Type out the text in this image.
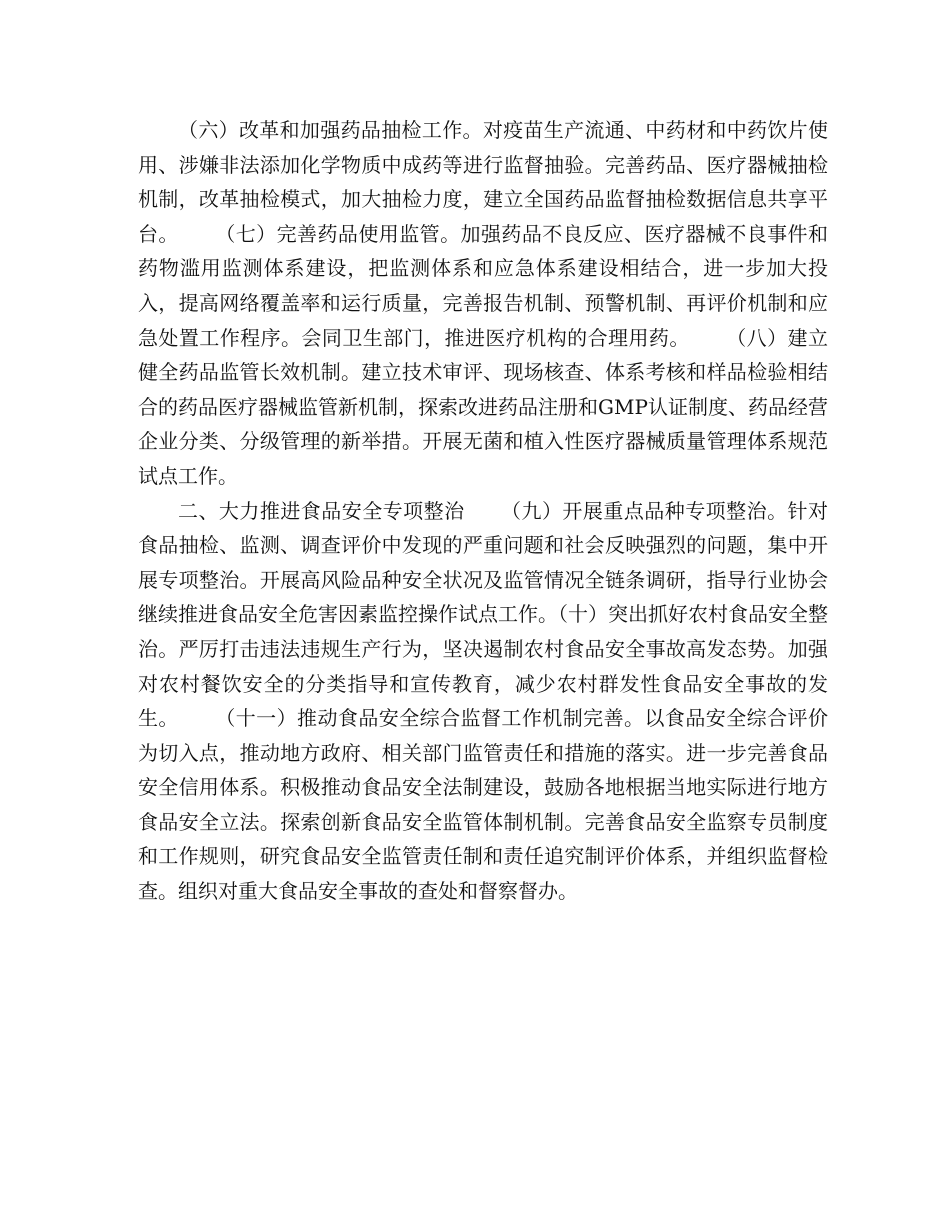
（六）改革和加强药品抽检工作。对疫苗生产流通、中药材和中药饮片使用、涉嫌非法添加化学物质中成药等进行监督抽验。完善药品、医疗器械抽检机制，改革抽检模式，加大抽检力度，建立全国药品监督抽检数据信息共享平台。 （七）完善药品使用监管。加强药品不良反应、医疗器械不良事件和药物滥用监测体系建设，把监测体系和应急体系建设相结合，进一步加大投入，提高网络覆盖率和运行质量，完善报告机制、预警机制、再评价机制和应急处置工作程序。会同卫生部门，推进医疗机构的合理用药。 （八）建立健全药品监管长效机制。建立技术审评、现场核查、体系考核和样品检验相结合的药品医疗器械监管新机制，探索改进药品注册和GMP认证制度、药品经营企业分类、分级管理的新举措。开展无菌和植入性医疗器械质量管理体系规范试点工作。

二、大力推进食品安全专项整治 （九）开展重点品种专项整治。针对食品抽检、监测、调查评价中发现的严重问题和社会反映强烈的问题，集中开展专项整治。开展高风险品种安全状况及监管情况全链条调研，指导行业协会继续推进食品安全危害因素监控操作试点工作。（十）突出抓好农村食品安全整治。严厉打击违法违规生产行为，坚决遏制农村食品安全事故高发态势。加强对农村餐饮安全的分类指导和宣传教育，减少农村群发性食品安全事故的发生。 （十一）推动食品安全综合监督工作机制完善。以食品安全综合评价为切入点，推动地方政府、相关部门监管责任和措施的落实。进一步完善食品安全信用体系。积极推动食品安全法制建设，鼓励各地根据当地实际进行地方食品安全立法。探索创新食品安全监管体制机制。完善食品安全监察专员制度和工作规则，研究食品安全监管责任制和责任追究制评价体系，并组织监督检查。组织对重大食品安全事故的查处和督察督办。
